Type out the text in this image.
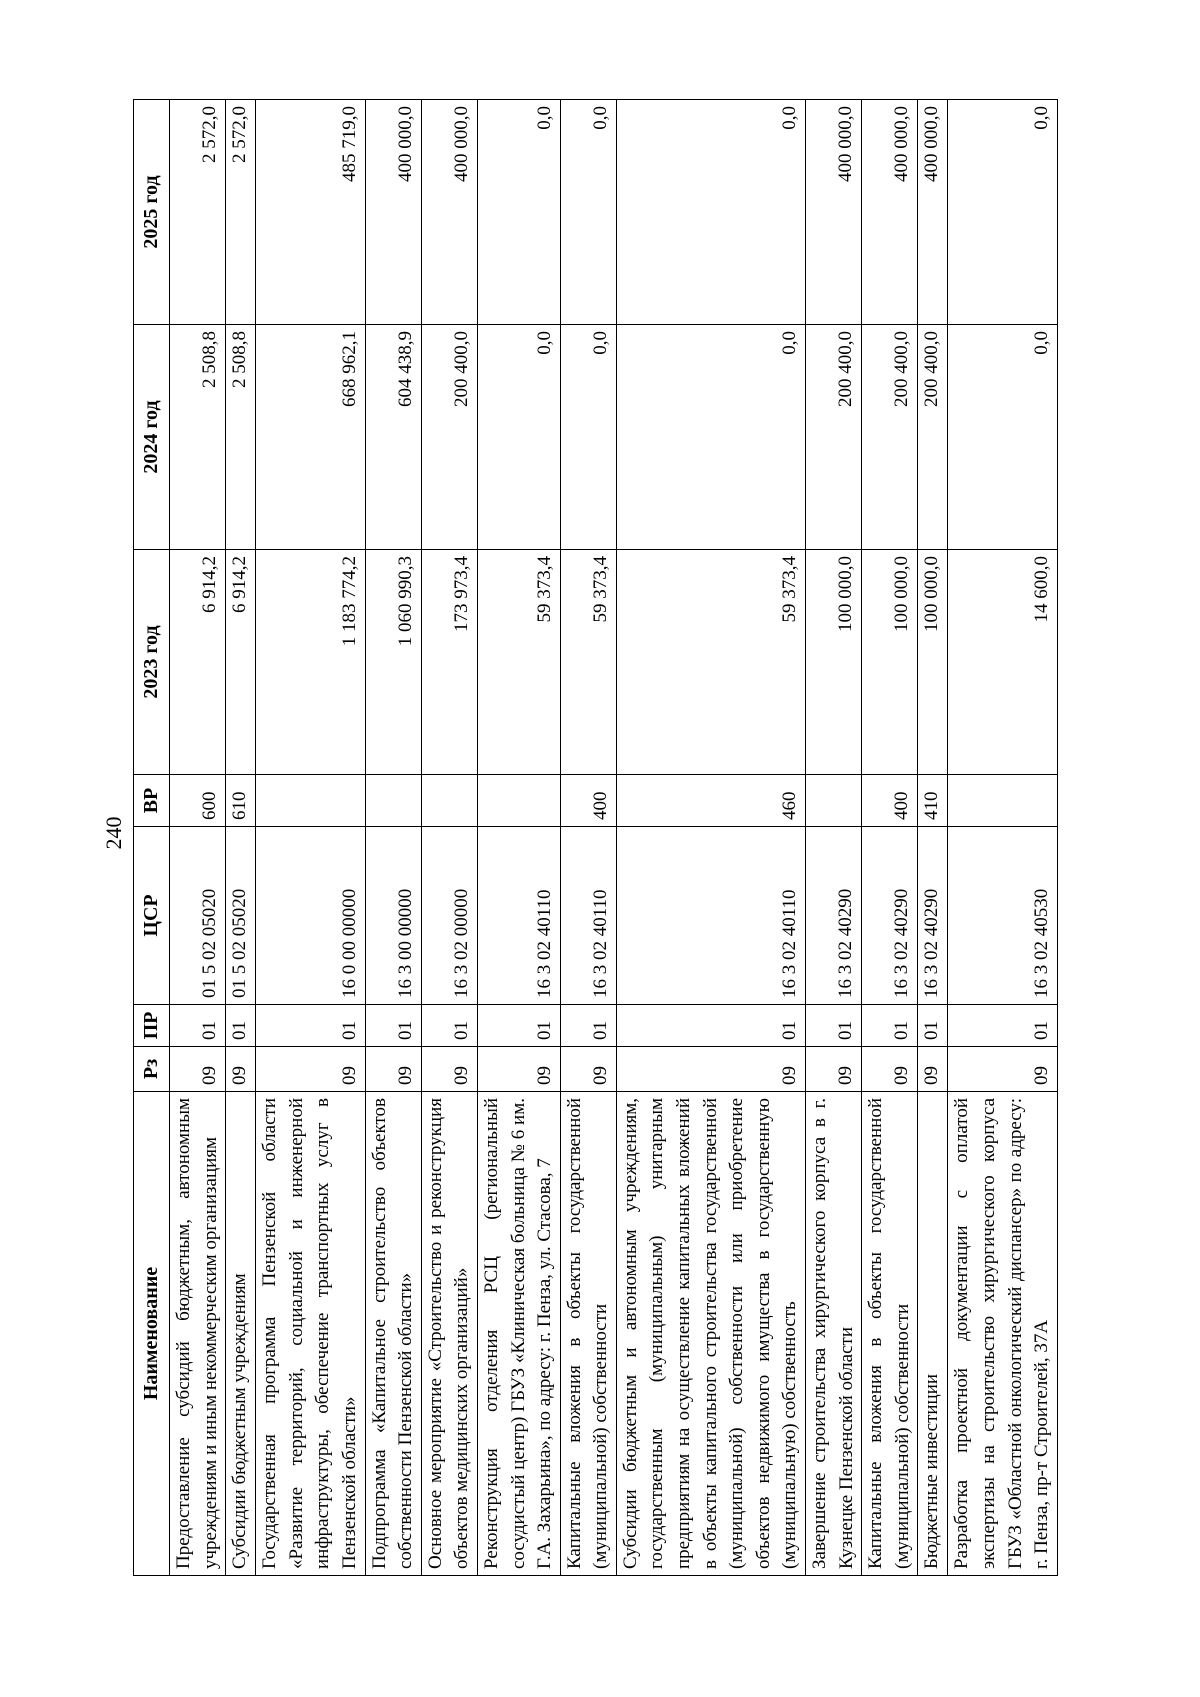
240
Наименование	Рз	ПР	ЦСР	ВР	2023 год	2024 год	2025 год
Предоставление субсидий бюджетным, автономным учреждениям и иным некоммерческим организациям	09	01	01 5 02 05020	600	6 914,2	2 508,8	2 572,0
Субсидии бюджетным учреждениям	09	01	01 5 02 05020	610	6 914,2	2 508,8	2 572,0
Государственная программа Пензенской области «Развитие территорий, социальной и инженерной инфраструктуры, обеспечение транспортных услуг в Пензенской области»	09	01	16 0 00 00000		1 183 774,2	668 962,1	485 719,0
Подпрограмма «Капитальное строительство объектов собственности Пензенской области»	09	01	16 3 00 00000		1 060 990,3	604 438,9	400 000,0
Основное мероприятие «Строительство и реконструкция объектов медицинских организаций»	09	01	16 3 02 00000		173 973,4	200 400,0	400 000,0
Реконструкция отделения РСЦ (региональный сосудистый центр) ГБУЗ «Клиническая больница № 6 им. Г.А. Захарьина», по адресу: г. Пенза, ул. Стасова, 7	09	01	16 3 02 40110		59 373,4	0,0	0,0
Капитальные вложения в объекты государственной (муниципальной) собственности	09	01	16 3 02 40110	400	59 373,4	0,0	0,0
Субсидии бюджетным и автономным учреждениям, государственным (муниципальным) унитарным предприятиям на осуществление капитальных вложений в объекты капитального строительства государственной (муниципальной) собственности или приобретение объектов недвижимого имущества в государственную (муниципальную) собственность	09	01	16 3 02 40110	460	59 373,4	0,0	0,0
Завершение строительства хирургического корпуса в г. Кузнецке Пензенской области	09	01	16 3 02 40290		100 000,0	200 400,0	400 000,0
Капитальные вложения в объекты государственной (муниципальной) собственности	09	01	16 3 02 40290	400	100 000,0	200 400,0	400 000,0
Бюджетные инвестиции	09	01	16 3 02 40290	410	100 000,0	200 400,0	400 000,0
Разработка проектной документации с оплатой экспертизы на строительство хирургического корпуса ГБУЗ «Областной онкологический диспансер» по адресу: г. Пенза, пр-т Строителей, 37А	09	01	16 3 02 40530		14 600,0	0,0	0,0
